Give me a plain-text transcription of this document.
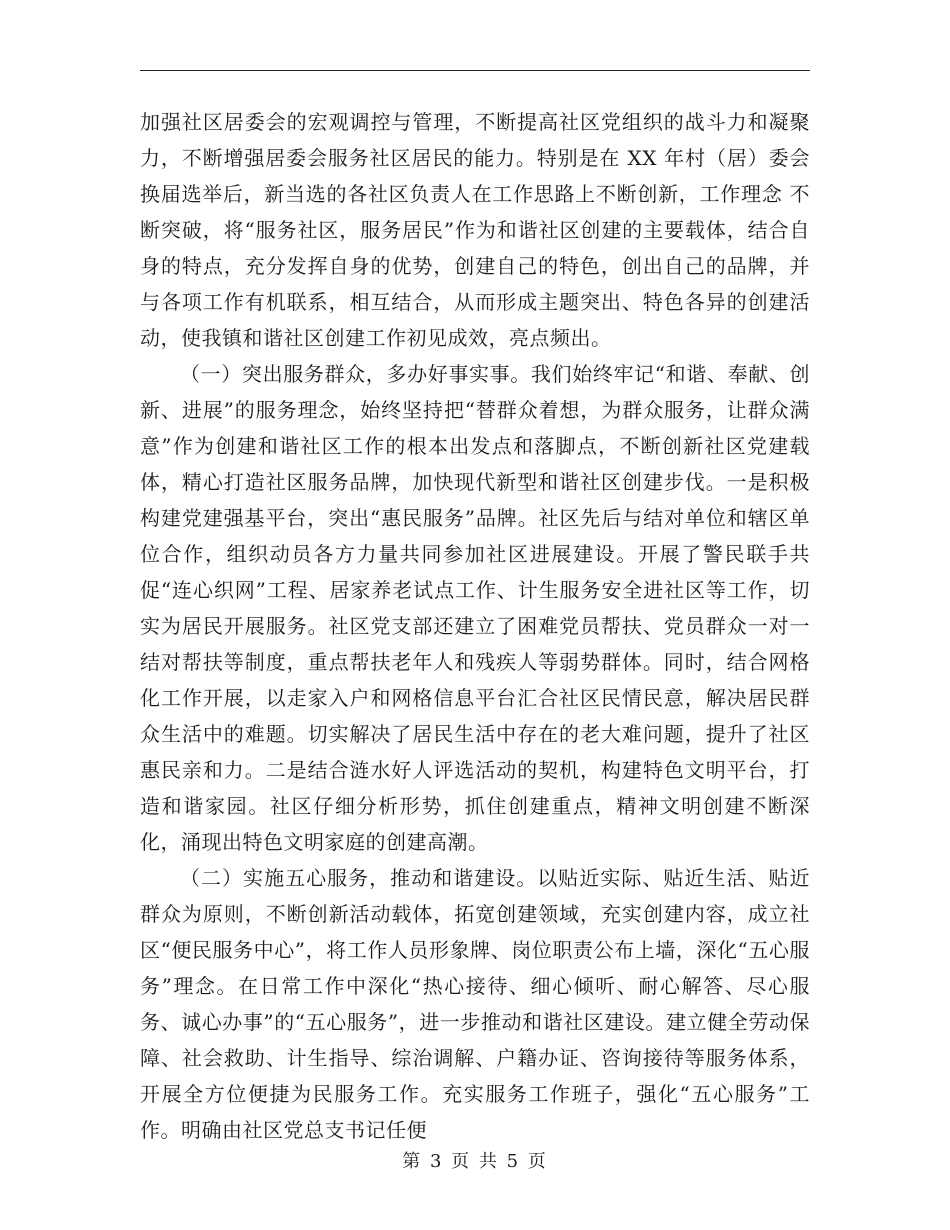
加强社区居委会的宏观调控与管理，不断提高社区党组织的战斗力和凝聚力，不断增强居委会服务社区居民的能力。特别是在 XX 年村（居）委会换届选举后，新当选的各社区负责人在工作思路上不断创新，工作理念 不断突破，将“服务社区，服务居民”作为和谐社区创建的主要载体，结合自身的特点，充分发挥自身的优势，创建自己的特色，创出自己的品牌，并与各项工作有机联系，相互结合，从而形成主题突出、特色各异的创建活动，使我镇和谐社区创建工作初见成效，亮点频出。

（一）突出服务群众，多办好事实事。我们始终牢记“和谐、奉献、创新、进展”的服务理念，始终坚持把“替群众着想，为群众服务，让群众满意”作为创建和谐社区工作的根本出发点和落脚点，不断创新社区党建载体，精心打造社区服务品牌，加快现代新型和谐社区创建步伐。一是积极构建党建强基平台，突出“惠民服务”品牌。社区先后与结对单位和辖区单位合作，组织动员各方力量共同参加社区进展建设。开展了警民联手共促“连心织网”工程、居家养老试点工作、计生服务安全进社区等工作，切实为居民开展服务。社区党支部还建立了困难党员帮扶、党员群众一对一结对帮扶等制度，重点帮扶老年人和残疾人等弱势群体。同时，结合网格化工作开展，以走家入户和网格信息平台汇合社区民情民意，解决居民群众生活中的难题。切实解决了居民生活中存在的老大难问题，提升了社区惠民亲和力。二是结合涟水好人评选活动的契机，构建特色文明平台，打造和谐家园。社区仔细分析形势，抓住创建重点，精神文明创建不断深化，涌现出特色文明家庭的创建高潮。

（二）实施五心服务，推动和谐建设。以贴近实际、贴近生活、贴近群众为原则，不断创新活动载体，拓宽创建领域，充实创建内容，成立社区“便民服务中心”，将工作人员形象牌、岗位职责公布上墙，深化“五心服务”理念。在日常工作中深化“热心接待、细心倾听、耐心解答、尽心服务、诚心办事”的“五心服务”，进一步推动和谐社区建设。建立健全劳动保障、社会救助、计生指导、综治调解、户籍办证、咨询接待等服务体系，开展全方位便捷为民服务工作。充实服务工作班子，强化“五心服务”工作。明确由社区党总支书记任便

第 3 页 共 5 页
